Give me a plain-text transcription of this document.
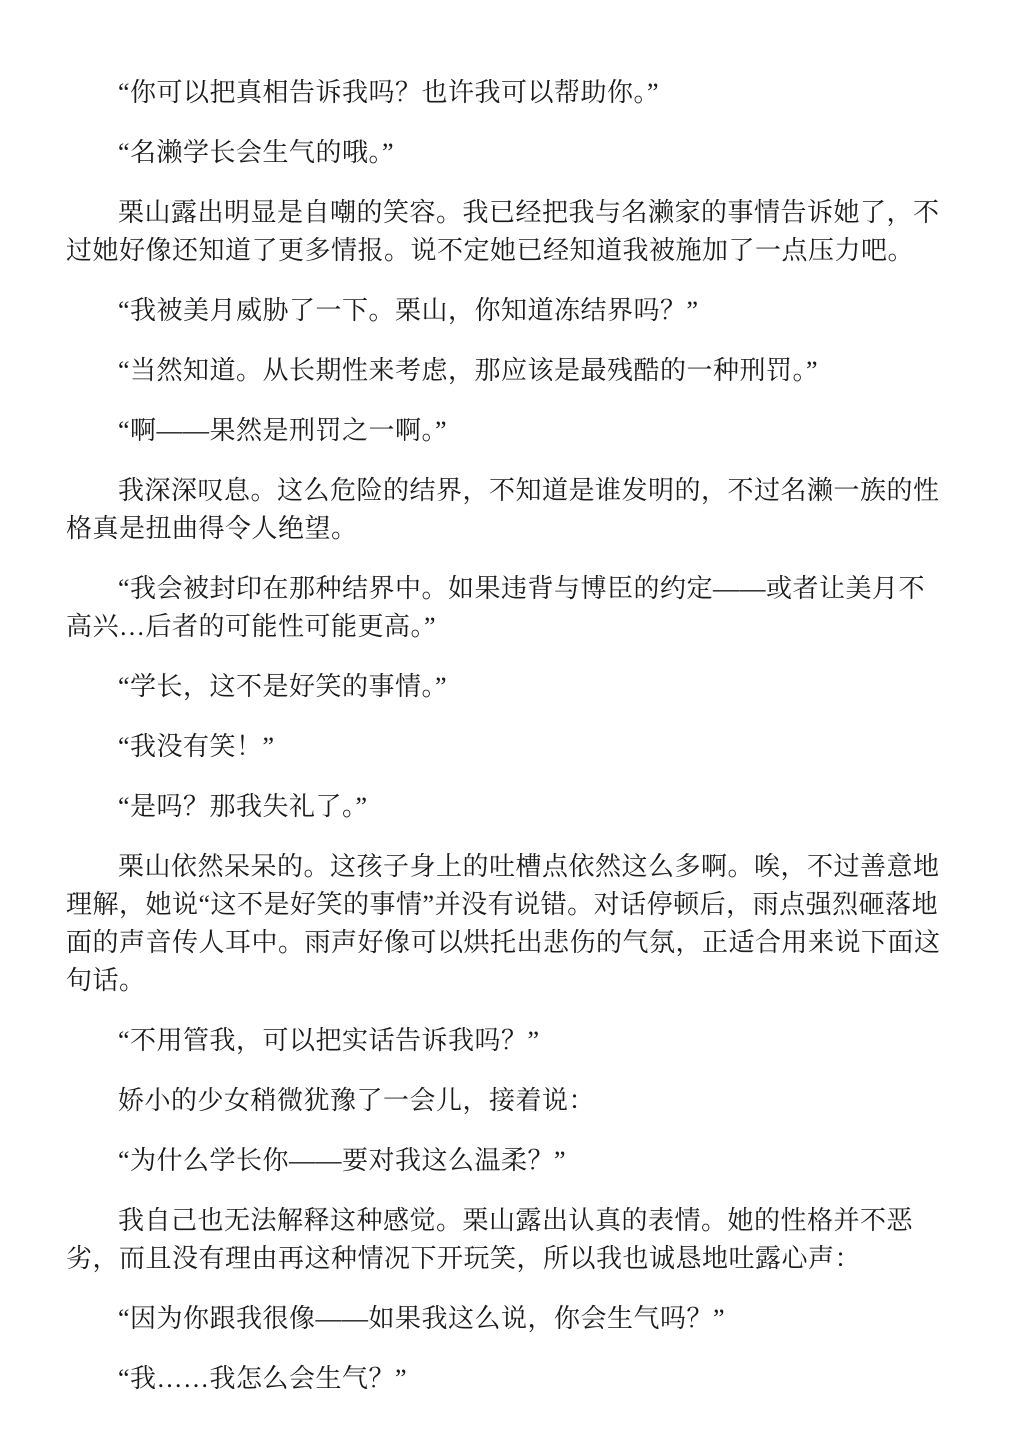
“你可以把真相告诉我吗？也许我可以帮助你。”

“名濑学长会生气的哦。”

栗山露出明显是自嘲的笑容。我已经把我与名濑家的事情告诉她了，不过她好像还知道了更多情报。说不定她已经知道我被施加了一点压力吧。

“我被美月威胁了一下。栗山，你知道冻结界吗？”

“当然知道。从长期性来考虑，那应该是最残酷的一种刑罚。”

“啊——果然是刑罚之一啊。”

我深深叹息。这么危险的结界，不知道是谁发明的，不过名濑一族的性格真是扭曲得令人绝望。

“我会被封印在那种结界中。如果违背与博臣的约定——或者让美月不高兴…后者的可能性可能更高。”

“学长，这不是好笑的事情。”

“我没有笑！”

“是吗？那我失礼了。”

栗山依然呆呆的。这孩子身上的吐槽点依然这么多啊。唉，不过善意地理解，她说“这不是好笑的事情”并没有说错。对话停顿后，雨点强烈砸落地面的声音传人耳中。雨声好像可以烘托出悲伤的气氛，正适合用来说下面这句话。

“不用管我，可以把实话告诉我吗？”

娇小的少女稍微犹豫了一会儿，接着说：

“为什么学长你——要对我这么温柔？”

我自己也无法解释这种感觉。栗山露出认真的表情。她的性格并不恶劣，而且没有理由再这种情况下开玩笑，所以我也诚恳地吐露心声：

“因为你跟我很像——如果我这么说，你会生气吗？”

“我……我怎么会生气？”
